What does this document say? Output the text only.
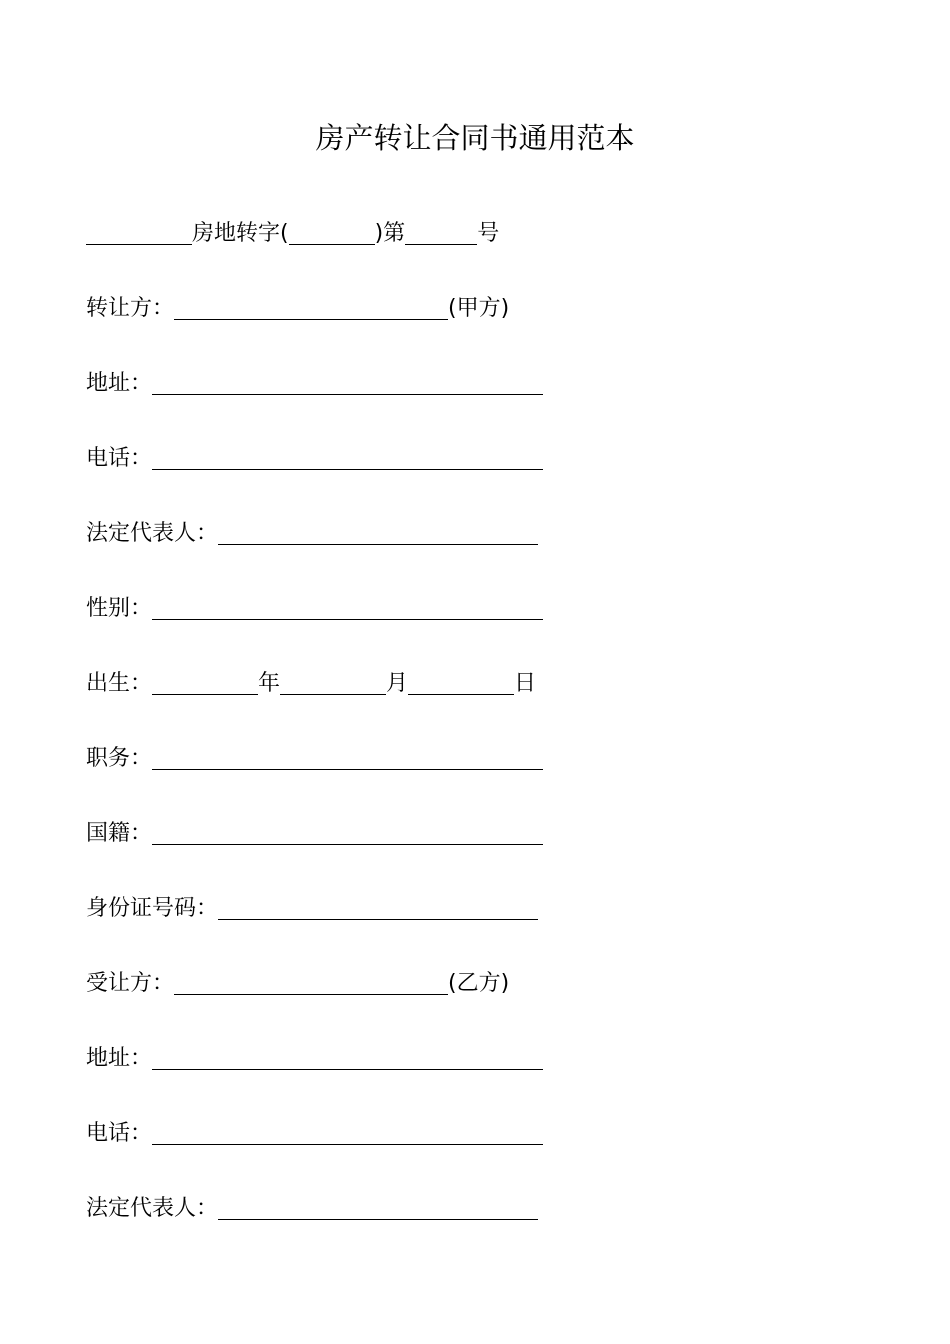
房产转让合同书通用范本
房地转字(	)第	号
转让方：	(甲方)
地址：
电话：
法定代表人：
性别：
出生：	年	月	日
职务：
国籍：
身份证号码：
受让方：	(乙方)
地址：
电话：
法定代表人：
